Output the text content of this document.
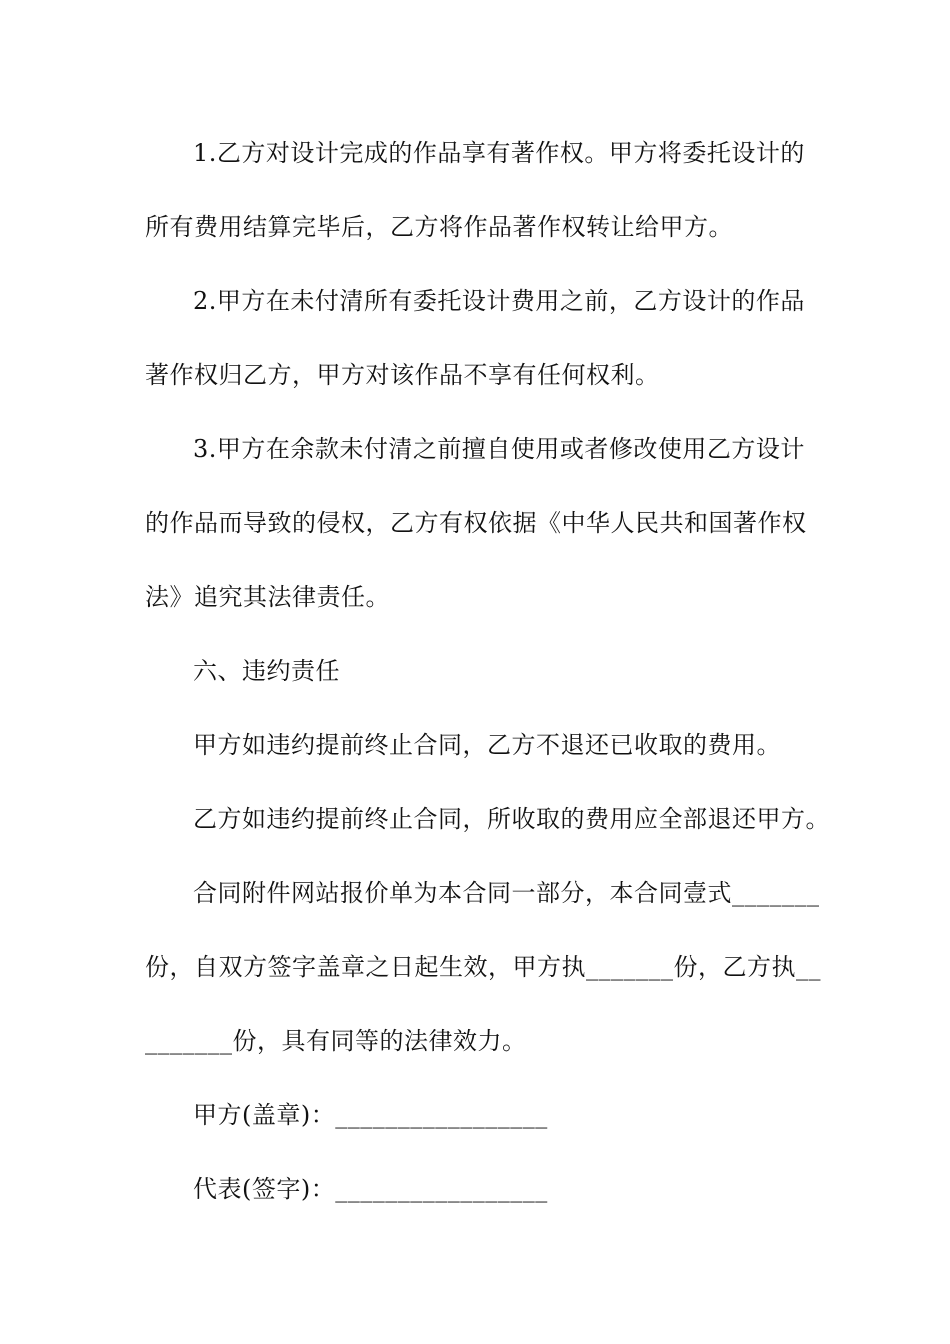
1.乙方对设计完成的作品享有著作权。甲方将委托设计的
所有费用结算完毕后，乙方将作品著作权转让给甲方。
2.甲方在未付清所有委托设计费用之前，乙方设计的作品
著作权归乙方，甲方对该作品不享有任何权利。
3.甲方在余款未付清之前擅自使用或者修改使用乙方设计
的作品而导致的侵权，乙方有权依据《中华人民共和国著作权
法》追究其法律责任。
六、违约责任
甲方如违约提前终止合同，乙方不退还已收取的费用。
乙方如违约提前终止合同，所收取的费用应全部退还甲方。
合同附件网站报价单为本合同一部分，本合同壹式_______
份，自双方签字盖章之日起生效，甲方执_______份，乙方执__
_______份，具有同等的法律效力。
甲方(盖章)：_________________
代表(签字)：_________________
